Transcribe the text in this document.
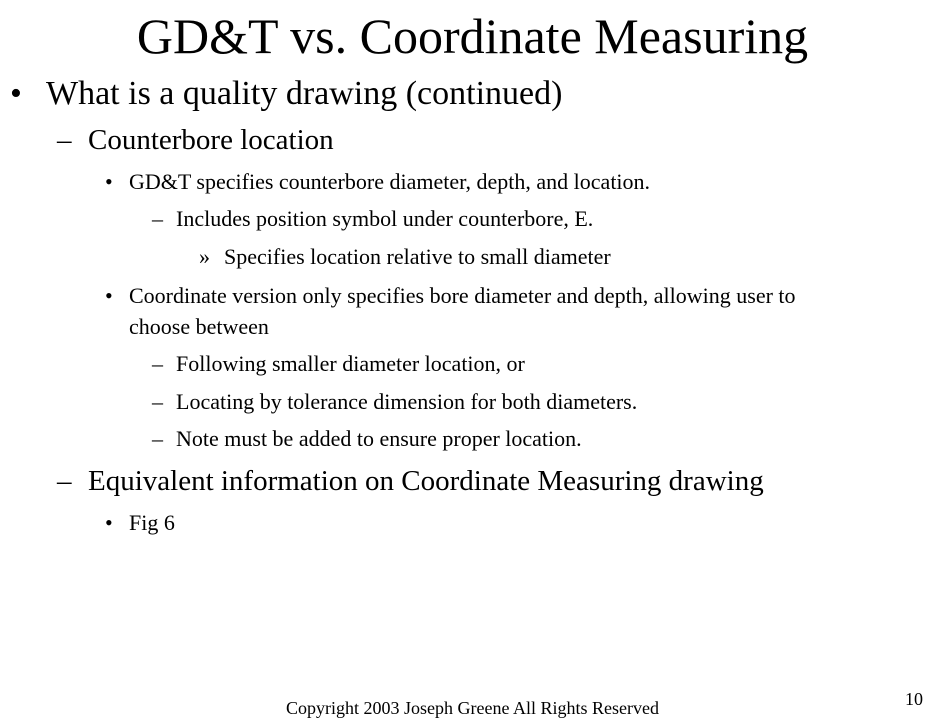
GD&T vs. Coordinate Measuring
• What is a quality drawing (continued)
– Counterbore location
• GD&T specifies counterbore diameter, depth, and location.
– Includes position symbol under counterbore, E.
» Specifies location relative to small diameter
• Coordinate version only specifies bore diameter and depth, allowing user to
choose between
– Following smaller diameter location, or
– Locating by tolerance dimension for both diameters.
– Note must be added to ensure proper location.
– Equivalent information on Coordinate Measuring drawing
• Fig 6
Copyright 2003 Joseph Greene All Rights Reserved	10
